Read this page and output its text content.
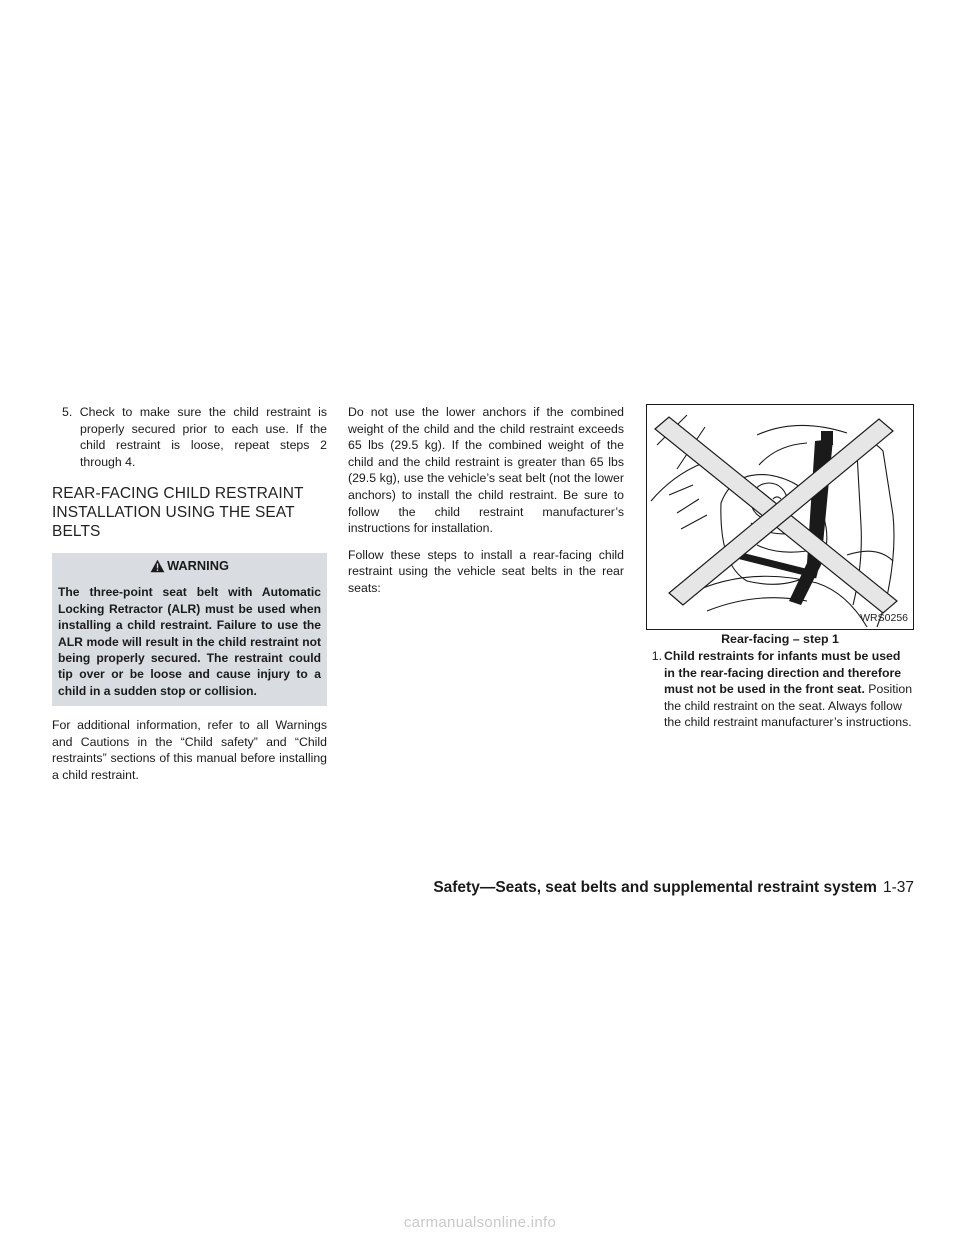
5. Check to make sure the child restraint is properly secured prior to each use. If the child restraint is loose, repeat steps 2 through 4.

REAR-FACING CHILD RESTRAINT INSTALLATION USING THE SEAT BELTS

WARNING

The three-point seat belt with Automatic Locking Retractor (ALR) must be used when installing a child restraint. Failure to use the ALR mode will result in the child restraint not being properly secured. The restraint could tip over or be loose and cause injury to a child in a sudden stop or collision.

For additional information, refer to all Warnings and Cautions in the “Child safety” and “Child restraints” sections of this manual before installing a child restraint.

Do not use the lower anchors if the combined weight of the child and the child restraint exceeds 65 lbs (29.5 kg). If the combined weight of the child and the child restraint is greater than 65 lbs (29.5 kg), use the vehicle’s seat belt (not the lower anchors) to install the child restraint. Be sure to follow the child restraint manufacturer’s instructions for installation.

Follow these steps to install a rear-facing child restraint using the vehicle seat belts in the rear seats:

WRS0256
Rear-facing – step 1
1. Child restraints for infants must be used in the rear-facing direction and therefore must not be used in the front seat. Position the child restraint on the seat. Always follow the child restraint manufacturer’s instructions.
Safety—Seats, seat belts and supplemental restraint system 1-37
carmanualsonline.info
